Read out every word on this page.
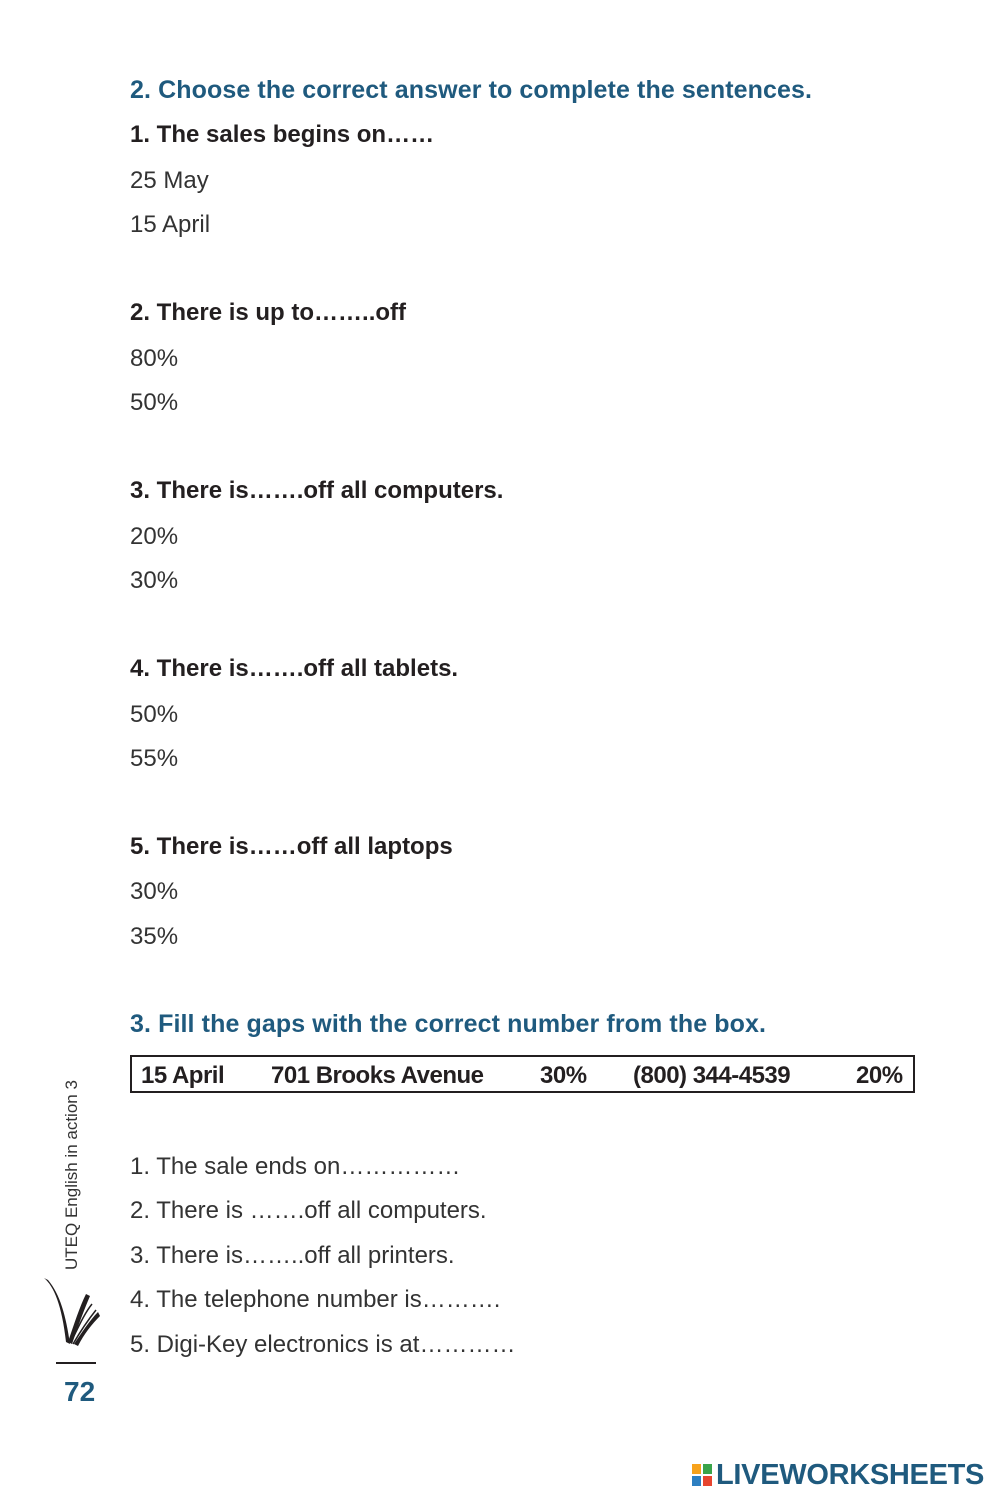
2. Choose the correct answer to complete the sentences.
1. The sales begins on……
25 May
15 April
2. There is up to……..off
80%
50%
3. There is…….off all computers.
20%
30%
4. There is…….off all tablets.
50%
55%
5. There is……off all laptops
30%
35%
3. Fill the gaps with the correct number from the box.
15 April 701 Brooks Avenue 30% (800) 344-4539	20%
1. The sale ends on……………
2. There is …….off all computers.
3. There is……..off all printers.
4. The telephone number is……….
5. Digi-Key electronics is at…………
UTEQ English in action 3
72
LIVEWORKSHEETS
